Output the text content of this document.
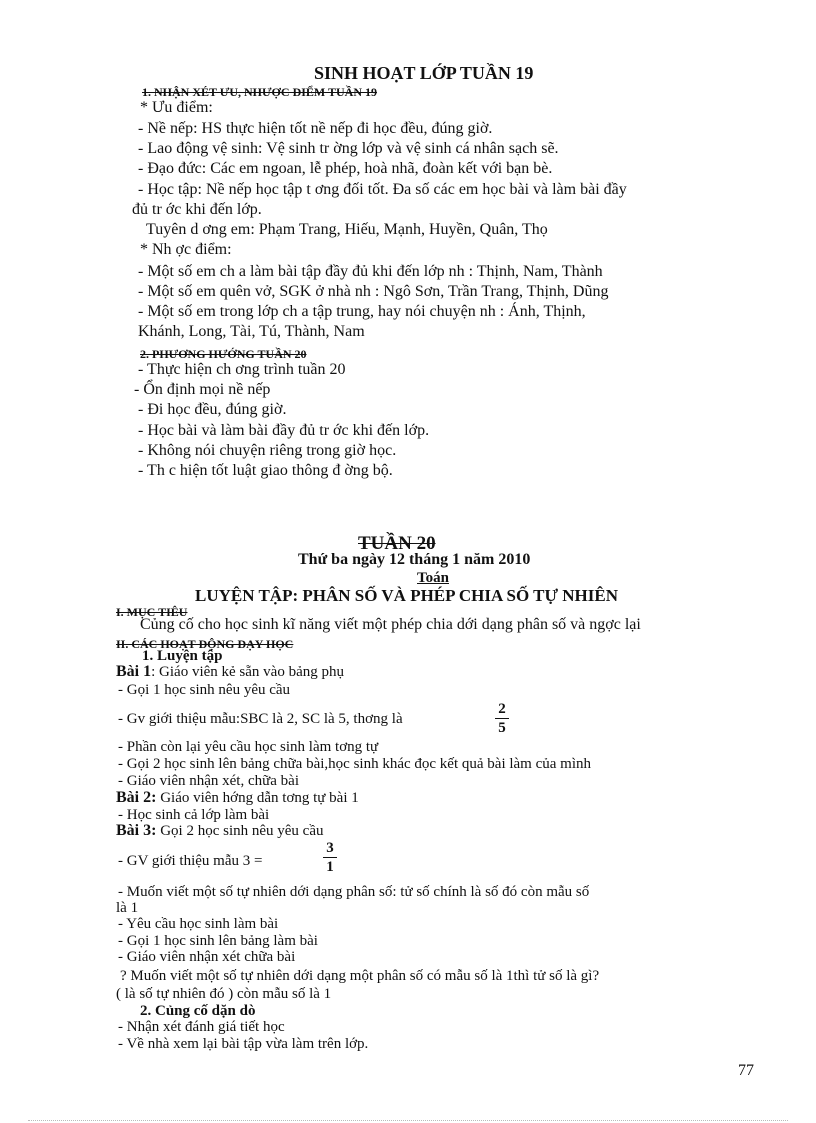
SINH HOẠT LỚP TUẦN 19
1. NHẬN XÉT ƯU, NHƯỢC ĐIỂM TUẦN 19
* Ưu điểm:
- Nề nếp: HS thực hiện tốt nề nếp đi học đều, đúng giờ.
- Lao động vệ sinh: Vệ sinh tr ờng lớp và vệ sinh cá nhân sạch sẽ.
- Đạo đức: Các em ngoan, lễ phép, hoà nhã, đoàn kết với bạn bè.
- Học tập: Nề nếp học tập t ơng đối tốt. Đa số các em học bài và làm bài đầy
đủ tr ớc khi đến lớp.
Tuyên d ơng em: Phạm Trang, Hiếu, Mạnh, Huyền, Quân, Thọ
* Nh ợc điểm:
- Một số em ch a làm bài tập đầy đủ khi đến lớp nh : Thịnh, Nam, Thành
- Một số em quên vở, SGK ở nhà nh : Ngô Sơn, Trần Trang, Thịnh, Dũng
- Một số em trong lớp ch a tập trung, hay nói chuyện nh : Ánh, Thịnh,
Khánh, Long, Tài, Tú, Thành, Nam
2. PHƯƠNG HƯỚNG TUẦN 20
- Thực hiện ch ơng trình tuần 20
- Ổn định mọi nề nếp
- Đi học đều, đúng giờ.
- Học bài và làm bài đầy đủ tr ớc khi đến lớp.
- Không nói chuyện riêng trong giờ học.
- Th c hiện tốt luật giao thông đ ờng bộ.
TUẦN 20
Thứ ba ngày 12 tháng 1 năm 2010
Toán
LUYỆN TẬP: PHÂN SỐ VÀ PHÉP CHIA SỐ TỰ NHIÊN
I. MỤC TIÊU
Củng cố cho học sinh kĩ năng viết một phép chia dới dạng phân số và ngợc lại
II. CÁC HOẠT ĐỘNG DẠY HỌC
1. Luyện tập
Bài 1: Giáo viên kẻ sẵn vào bảng phụ
- Gọi 1 học sinh nêu yêu cầu
- Gv giới thiệu mẫu:SBC là 2, SC là 5, thơng là
2
5
- Phần còn lại yêu cầu học sinh làm tơng tự
- Gọi 2 học sinh lên bảng chữa bài,học sinh khác đọc kết quả bài làm của mình
- Giáo viên nhận xét, chữa bài
Bài 2: Giáo viên hớng dẫn tơng tự bài 1
- Học sinh cả lớp làm bài
Bài 3: Gọi 2 học sinh nêu yêu cầu
- GV giới thiệu mẫu 3 =
3
1
- Muốn viết một số tự nhiên dới dạng phân số: tử số chính là số đó còn mẫu số
là 1
- Yêu cầu học sinh làm bài
- Gọi 1 học sinh lên bảng làm bài
- Giáo viên nhận xét chữa bài
? Muốn viết một số tự nhiên dới dạng một phân số có mẫu số là 1thì tử số là gì?
( là số tự nhiên đó ) còn mẫu số là 1
2. Củng cố dặn dò
- Nhận xét đánh giá tiết học
- Về nhà xem lại bài tập vừa làm trên lớp.
77
